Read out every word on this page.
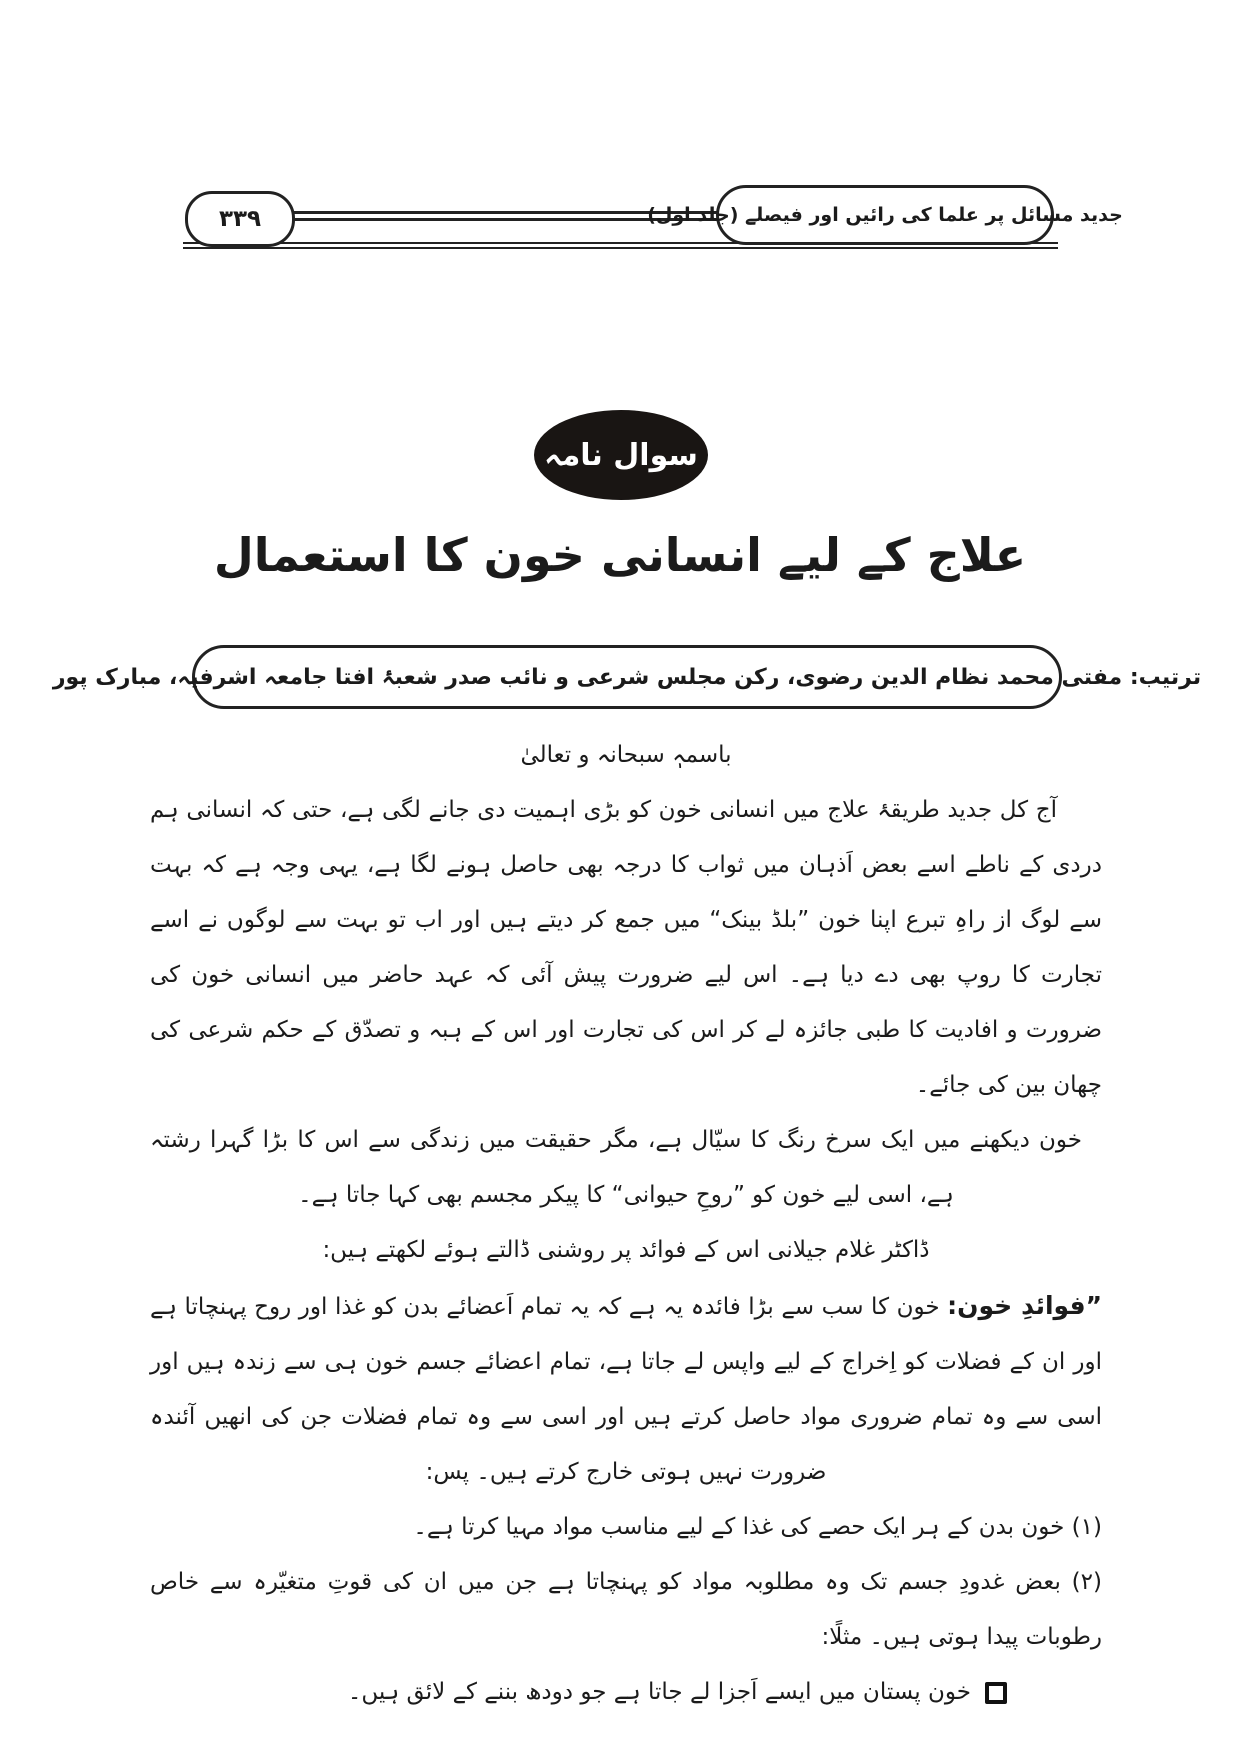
۳۳۹	جدید مسائل پر علما کی رائیں اور فیصلے (جلد اول)
سوال نامہ
علاج کے لیے انسانی خون کا استعمال
ترتیب: مفتی محمد نظام الدین رضوی، رکن مجلس شرعی و نائب صدر شعبۂ افتا جامعہ اشرفیہ، مبارک پور

باسمہٖ سبحانہ و تعالیٰ

آج کل جدید طریقۂ علاج میں انسانی خون کو بڑی اہمیت دی جانے لگی ہے، حتی کہ انسانی ہم دردی کے ناطے اسے بعض اَذہان میں ثواب کا درجہ بھی حاصل ہونے لگا ہے، یہی وجہ ہے کہ بہت سے لوگ از راہِ تبرع اپنا خون ”بلڈ بینک“ میں جمع کر دیتے ہیں اور اب تو بہت سے لوگوں نے اسے تجارت کا روپ بھی دے دیا ہے۔ اس لیے ضرورت پیش آئی کہ عہد حاضر میں انسانی خون کی ضرورت و افادیت کا طبی جائزہ لے کر اس کی تجارت اور اس کے ہبہ و تصدّق کے حکم شرعی کی چھان بین کی جائے۔

خون دیکھنے میں ایک سرخ رنگ کا سیّال ہے، مگر حقیقت میں زندگی سے اس کا بڑا گہرا رشتہ ہے، اسی لیے خون کو ”روحِ حیوانی“ کا پیکر مجسم بھی کہا جاتا ہے۔

ڈاکٹر غلام جیلانی اس کے فوائد پر روشنی ڈالتے ہوئے لکھتے ہیں:

”فوائدِ خون: خون کا سب سے بڑا فائدہ یہ ہے کہ یہ تمام اَعضائے بدن کو غذا اور روح پہنچاتا ہے اور ان کے فضلات کو اِخراج کے لیے واپس لے جاتا ہے، تمام اعضائے جسم خون ہی سے زندہ ہیں اور اسی سے وہ تمام ضروری مواد حاصل کرتے ہیں اور اسی سے وہ تمام فضلات جن کی انھیں آئندہ ضرورت نہیں ہوتی خارج کرتے ہیں۔ پس:

(۱) خون بدن کے ہر ایک حصے کی غذا کے لیے مناسب مواد مہیا کرتا ہے۔

(۲) بعض غدودِ جسم تک وہ مطلوبہ مواد کو پہنچاتا ہے جن میں ان کی قوتِ متغیّرہ سے خاص رطوبات پیدا ہوتی ہیں۔ مثلًا:

خون پستان میں ایسے اَجزا لے جاتا ہے جو دودھ بننے کے لائق ہیں۔
